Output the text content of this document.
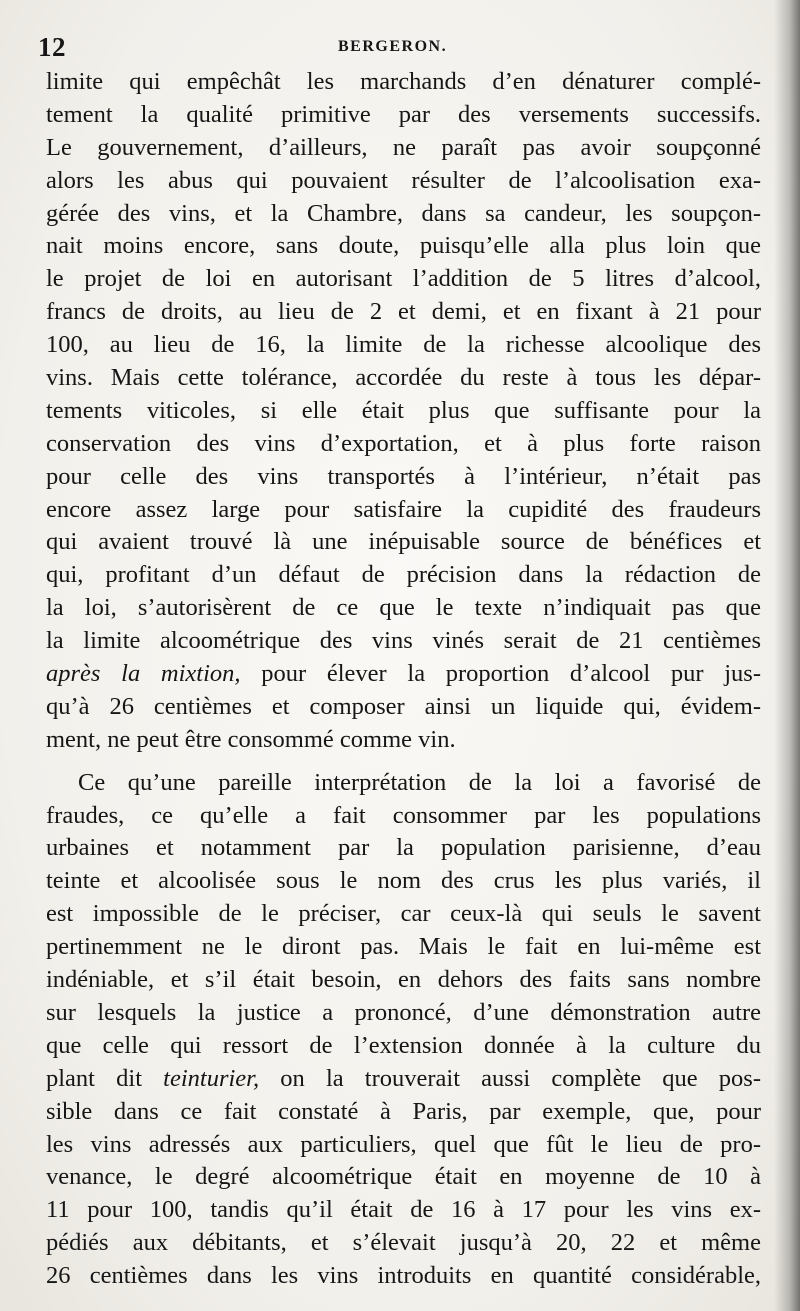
12	BERGERON.
limite qui empêchât les marchands d’en dénaturer complé-
tement la qualité primitive par des versements successifs.
Le gouvernement, d’ailleurs, ne paraît pas avoir soupçonné
alors les abus qui pouvaient résulter de l’alcoolisation exa-
gérée des vins, et la Chambre, dans sa candeur, les soupçon-
nait moins encore, sans doute, puisqu’elle alla plus loin que
le projet de loi en autorisant l’addition de 5 litres d’alcool,
francs de droits, au lieu de 2 et demi, et en fixant à 21 pour
100, au lieu de 16, la limite de la richesse alcoolique des
vins. Mais cette tolérance, accordée du reste à tous les dépar-
tements viticoles, si elle était plus que suffisante pour la
conservation des vins d’exportation, et à plus forte raison
pour celle des vins transportés à l’intérieur, n’était pas
encore assez large pour satisfaire la cupidité des fraudeurs
qui avaient trouvé là une inépuisable source de bénéfices et
qui, profitant d’un défaut de précision dans la rédaction de
la loi, s’autorisèrent de ce que le texte n’indiquait pas que
la limite alcoométrique des vins vinés serait de 21 centièmes
après la mixtion, pour élever la proportion d’alcool pur jus-
qu’à 26 centièmes et composer ainsi un liquide qui, évidem-
ment, ne peut être consommé comme vin.
Ce qu’une pareille interprétation de la loi a favorisé de
fraudes, ce qu’elle a fait consommer par les populations
urbaines et notamment par la population parisienne, d’eau
teinte et alcoolisée sous le nom des crus les plus variés, il
est impossible de le préciser, car ceux-là qui seuls le savent
pertinemment ne le diront pas. Mais le fait en lui-même est
indéniable, et s’il était besoin, en dehors des faits sans nombre
sur lesquels la justice a prononcé, d’une démonstration autre
que celle qui ressort de l’extension donnée à la culture du
plant dit teinturier, on la trouverait aussi complète que pos-
sible dans ce fait constaté à Paris, par exemple, que, pour
les vins adressés aux particuliers, quel que fût le lieu de pro-
venance, le degré alcoométrique était en moyenne de 10 à
11 pour 100, tandis qu’il était de 16 à 17 pour les vins ex-
pédiés aux débitants, et s’élevait jusqu’à 20, 22 et même
26 centièmes dans les vins introduits en quantité considérable,
